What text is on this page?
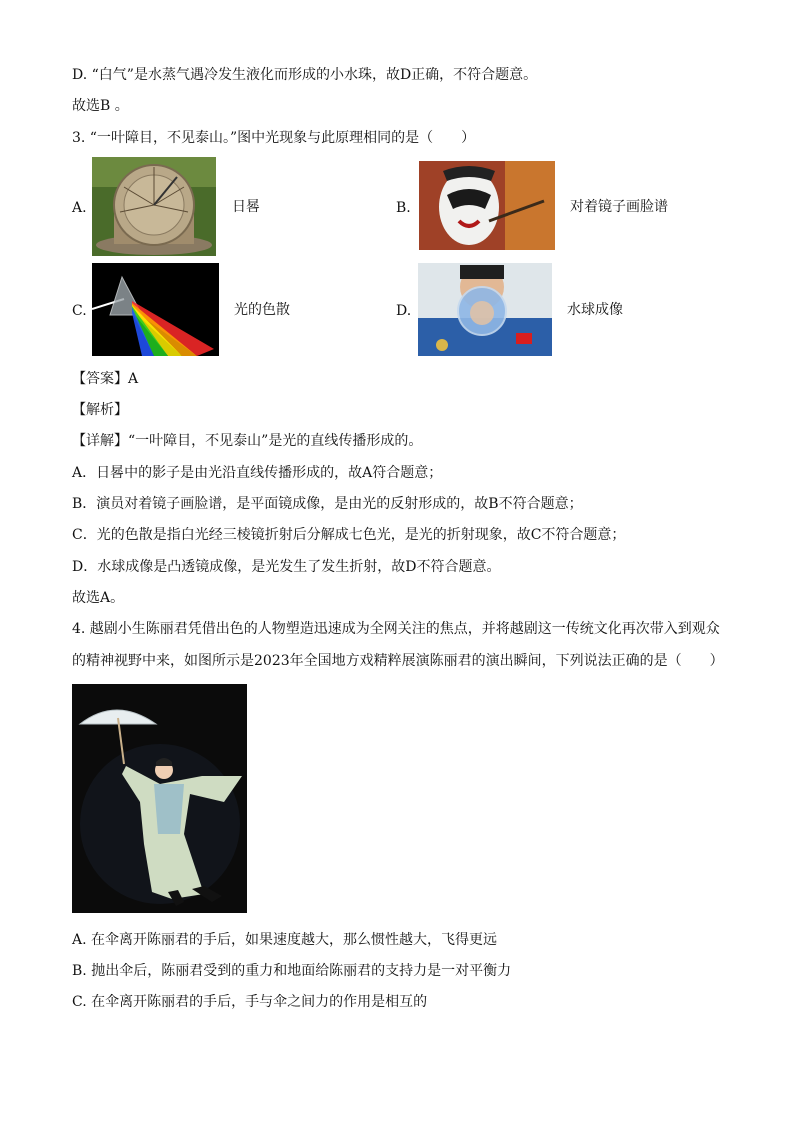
D. “白气”是水蒸气遇冷发生液化而形成的小水珠，故D正确，不符合题意。
故选B 。
3. “一叶障目，不见泰山。”图中光现象与此原理相同的是（　　）
A.	日晷	B.	对着镜子画脸谱
C.	光的色散	D.	水球成像
【答案】A
【解析】
【详解】“一叶障目，不见泰山”是光的直线传播形成的。
A．日晷中的影子是由光沿直线传播形成的，故A符合题意；
B．演员对着镜子画脸谱，是平面镜成像，是由光的反射形成的，故B不符合题意；
C．光的色散是指白光经三棱镜折射后分解成七色光，是光的折射现象，故C不符合题意；
D．水球成像是凸透镜成像，是光发生了发生折射，故D不符合题意。
故选A。
4. 越剧小生陈丽君凭借出色的人物塑造迅速成为全网关注的焦点，并将越剧这一传统文化再次带入到观众
的精神视野中来，如图所示是2023年全国地方戏精粹展演陈丽君的演出瞬间，下列说法正确的是（　　）
A. 在伞离开陈丽君的手后，如果速度越大，那么惯性越大，飞得更远
B. 抛出伞后，陈丽君受到的重力和地面给陈丽君的支持力是一对平衡力
C. 在伞离开陈丽君的手后，手与伞之间力的作用是相互的
